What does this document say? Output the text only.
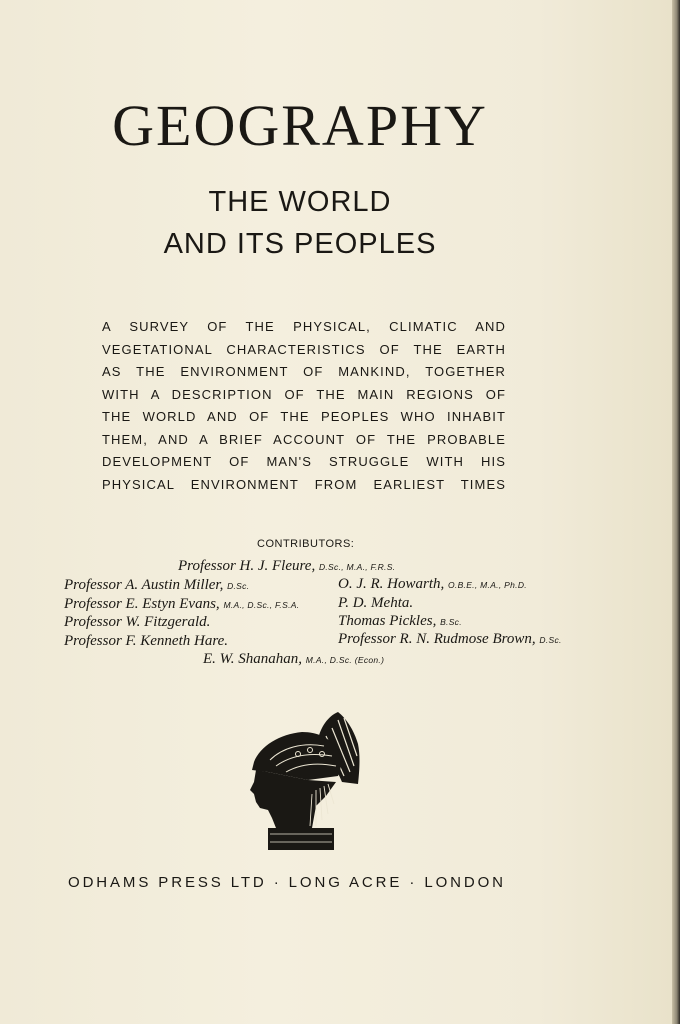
GEOGRAPHY
THE WORLD
AND ITS PEOPLES
A SURVEY OF THE PHYSICAL, CLIMATIC AND
VEGETATIONAL CHARACTERISTICS OF THE EARTH
AS THE ENVIRONMENT OF MANKIND, TOGETHER
WITH A DESCRIPTION OF THE MAIN REGIONS OF
THE WORLD AND OF THE PEOPLES WHO INHABIT
THEM, AND A BRIEF ACCOUNT OF THE PROBABLE
DEVELOPMENT OF MAN'S STRUGGLE WITH HIS
PHYSICAL ENVIRONMENT FROM EARLIEST TIMES
CONTRIBUTORS:
Professor H. J. Fleure, D.Sc., M.A., F.R.S.
Professor A. Austin Miller, D.Sc.	O. J. R. Howarth, O.B.E., M.A., Ph.D.
Professor E. Estyn Evans, M.A., D.Sc., F.S.A.	P. D. Mehta.
Professor W. Fitzgerald.	Thomas Pickles, B.Sc.
Professor F. Kenneth Hare.	Professor R. N. Rudmose Brown, D.Sc.
E. W. Shanahan, M.A., D.Sc. (Econ.)
ODHAMS PRESS LTD · LONG ACRE · LONDON
